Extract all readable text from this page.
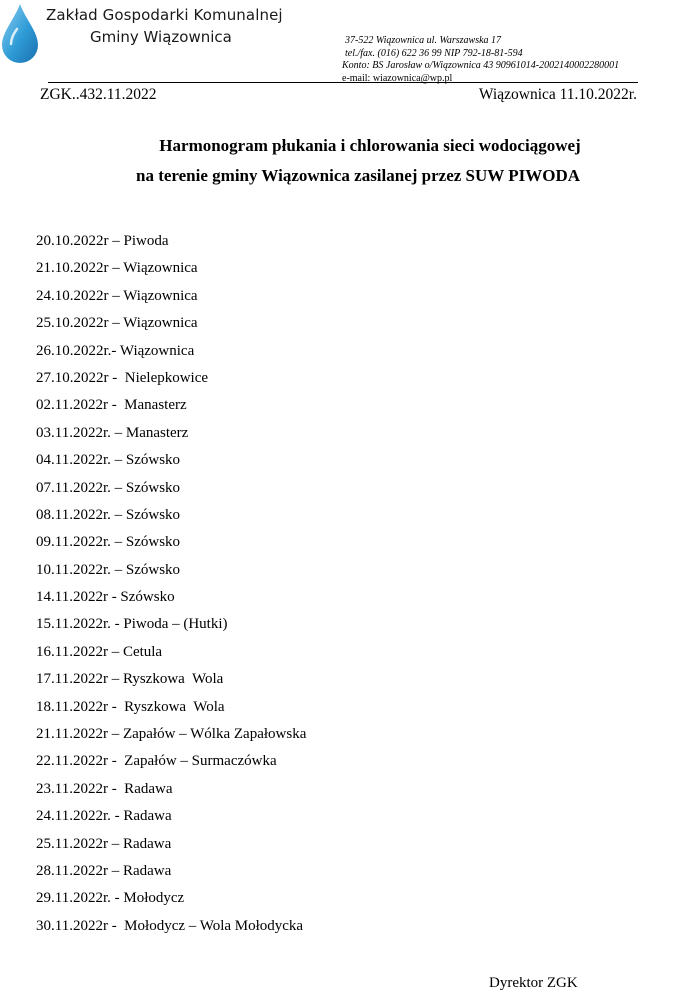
Zakład Gospodarki Komunalnej
Gminy Wiązownica	37-522 Wiązownica ul. Warszawska 17
tel./fax. (016) 622 36 99 NIP 792-18-81-594
Konto: BS Jarosław o/Wiązownica 43 90961014-2002140002280001
e-mail: wiazownica@wp.pl
ZGK..432.11.2022	Wiązownica 11.10.2022r.
Harmonogram płukania i chlorowania sieci wodociągowej
na terenie gminy Wiązownica zasilanej przez SUW PIWODA
20.10.2022r – Piwoda
21.10.2022r – Wiązownica
24.10.2022r – Wiązownica
25.10.2022r – Wiązownica
26.10.2022r.- Wiązownica
27.10.2022r -  Nielepkowice
02.11.2022r -  Manasterz
03.11.2022r. – Manasterz
04.11.2022r. – Szówsko
07.11.2022r. – Szówsko
08.11.2022r. – Szówsko
09.11.2022r. – Szówsko
10.11.2022r. – Szówsko
14.11.2022r - Szówsko
15.11.2022r. - Piwoda – (Hutki)
16.11.2022r – Cetula
17.11.2022r – Ryszkowa  Wola
18.11.2022r -  Ryszkowa  Wola
21.11.2022r – Zapałów – Wólka Zapałowska
22.11.2022r -  Zapałów – Surmaczówka
23.11.2022r -  Radawa
24.11.2022r. - Radawa
25.11.2022r – Radawa
28.11.2022r – Radawa
29.11.2022r. - Mołodycz
30.11.2022r -  Mołodycz – Wola Mołodycka
Dyrektor ZGK
